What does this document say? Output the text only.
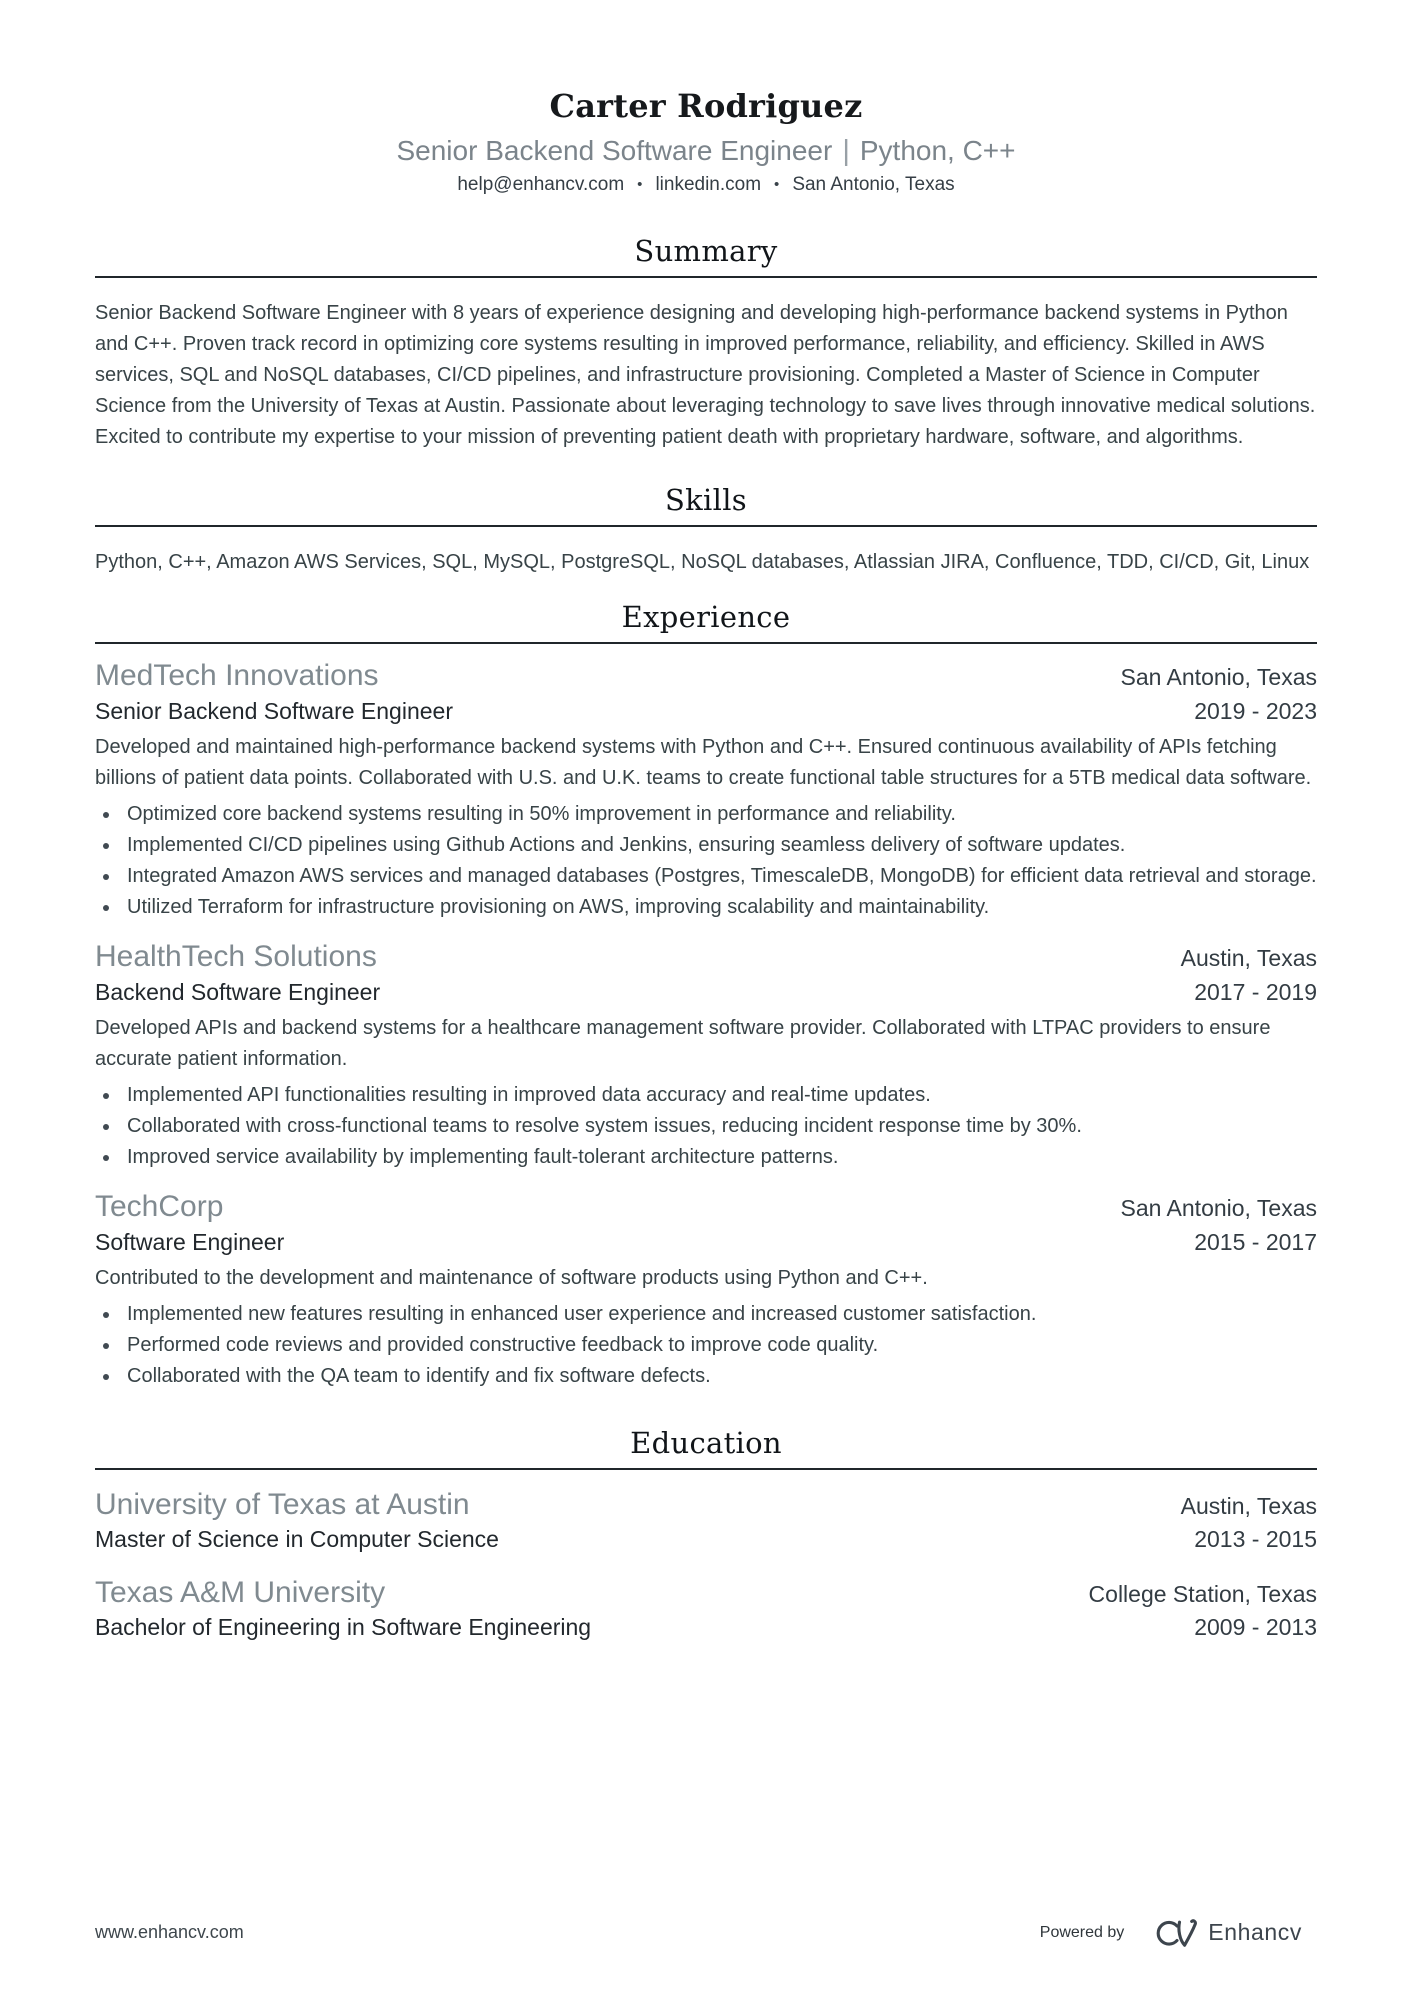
Carter Rodriguez
Senior Backend Software Engineer | Python, C++
help@enhancv.com • linkedin.com • San Antonio, Texas
Summary

Senior Backend Software Engineer with 8 years of experience designing and developing high-performance backend systems in Python and C++. Proven track record in optimizing core systems resulting in improved performance, reliability, and efficiency. Skilled in AWS services, SQL and NoSQL databases, CI/CD pipelines, and infrastructure provisioning. Completed a Master of Science in Computer Science from the University of Texas at Austin. Passionate about leveraging technology to save lives through innovative medical solutions. Excited to contribute my expertise to your mission of preventing patient death with proprietary hardware, software, and algorithms.

Skills

Python, C++, Amazon AWS Services, SQL, MySQL, PostgreSQL, NoSQL databases, Atlassian JIRA, Confluence, TDD, CI/CD, Git, Linux

Experience
MedTech Innovations	San Antonio, Texas
Senior Backend Software Engineer	2019 - 2023

Developed and maintained high-performance backend systems with Python and C++. Ensured continuous availability of APIs fetching billions of patient data points. Collaborated with U.S. and U.K. teams to create functional table structures for a 5TB medical data software.

Optimized core backend systems resulting in 50% improvement in performance and reliability.
Implemented CI/CD pipelines using Github Actions and Jenkins, ensuring seamless delivery of software updates.
Integrated Amazon AWS services and managed databases (Postgres, TimescaleDB, MongoDB) for efficient data retrieval and storage.
Utilized Terraform for infrastructure provisioning on AWS, improving scalability and maintainability.
HealthTech Solutions	Austin, Texas
Backend Software Engineer	2017 - 2019

Developed APIs and backend systems for a healthcare management software provider. Collaborated with LTPAC providers to ensure accurate patient information.

Implemented API functionalities resulting in improved data accuracy and real-time updates.
Collaborated with cross-functional teams to resolve system issues, reducing incident response time by 30%.
Improved service availability by implementing fault-tolerant architecture patterns.
TechCorp	San Antonio, Texas
Software Engineer	2015 - 2017

Contributed to the development and maintenance of software products using Python and C++.

Implemented new features resulting in enhanced user experience and increased customer satisfaction.
Performed code reviews and provided constructive feedback to improve code quality.
Collaborated with the QA team to identify and fix software defects.
Education
University of Texas at Austin	Austin, Texas
Master of Science in Computer Science	2013 - 2015
Texas A&M University	College Station, Texas
Bachelor of Engineering in Software Engineering	2009 - 2013
www.enhancv.com	Powered by	Enhancv
